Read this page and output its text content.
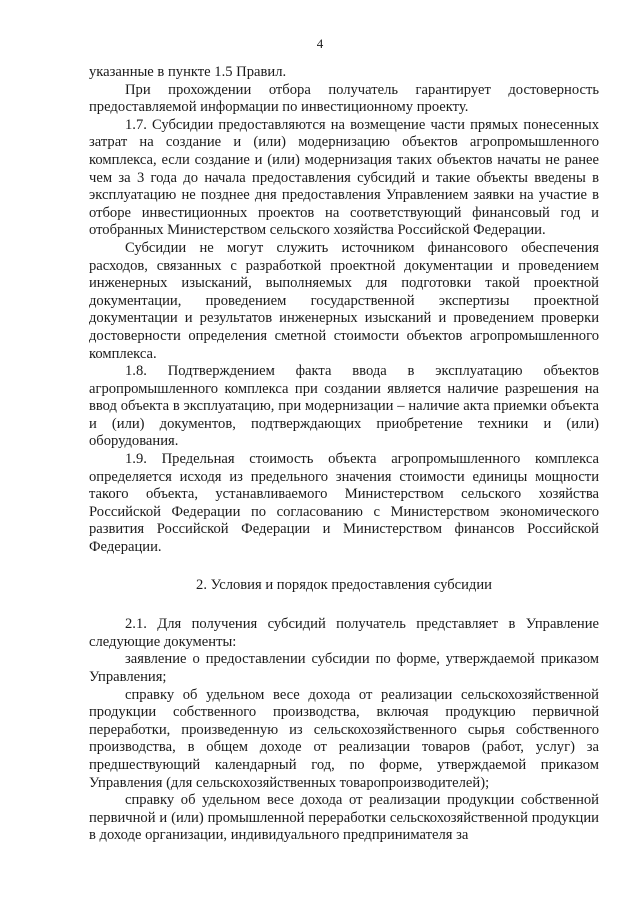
4

указанные в пункте 1.5 Правил.

При прохождении отбора получатель гарантирует достоверность предоставляемой информации по инвестиционному проекту.

1.7. Субсидии предоставляются на возмещение части прямых понесенных затрат на создание и (или) модернизацию объектов агропромышленного комплекса, если создание и (или) модернизация таких объектов начаты не ранее чем за 3 года до начала предоставления субсидий и такие объекты введены в эксплуатацию не позднее дня предоставления Управлением заявки на участие в отборе инвестиционных проектов на соответствующий финансовый год и отобранных Министерством сельского хозяйства Российской Федерации.

Субсидии не могут служить источником финансового обеспечения расходов, связанных с разработкой проектной документации и проведением инженерных изысканий, выполняемых для подготовки такой проектной документации, проведением государственной экспертизы проектной документации и результатов инженерных изысканий и проведением проверки достоверности определения сметной стоимости объектов агропромышленного комплекса.

1.8. Подтверждением факта ввода в эксплуатацию объектов агропромышленного комплекса при создании является наличие разрешения на ввод объекта в эксплуатацию, при модернизации – наличие акта приемки объекта и (или) документов, подтверждающих приобретение техники и (или) оборудования.

1.9. Предельная стоимость объекта агропромышленного комплекса определяется исходя из предельного значения стоимости единицы мощности такого объекта, устанавливаемого Министерством сельского хозяйства Российской Федерации по согласованию с Министерством экономического развития Российской Федерации и Министерством финансов Российской Федерации.

2. Условия и порядок предоставления субсидии

2.1. Для получения субсидий получатель представляет в Управление следующие документы:

заявление о предоставлении субсидии по форме, утверждаемой приказом Управления;

справку об удельном весе дохода от реализации сельскохозяйственной продукции собственного производства, включая продукцию первичной переработки, произведенную из сельскохозяйственного сырья собственного производства, в общем доходе от реализации товаров (работ, услуг) за предшествующий календарный год, по форме, утверждаемой приказом Управления (для сельскохозяйственных товаропроизводителей);

справку об удельном весе дохода от реализации продукции собственной первичной и (или) промышленной переработки сельскохозяйственной продукции в доходе организации, индивидуального предпринимателя за
